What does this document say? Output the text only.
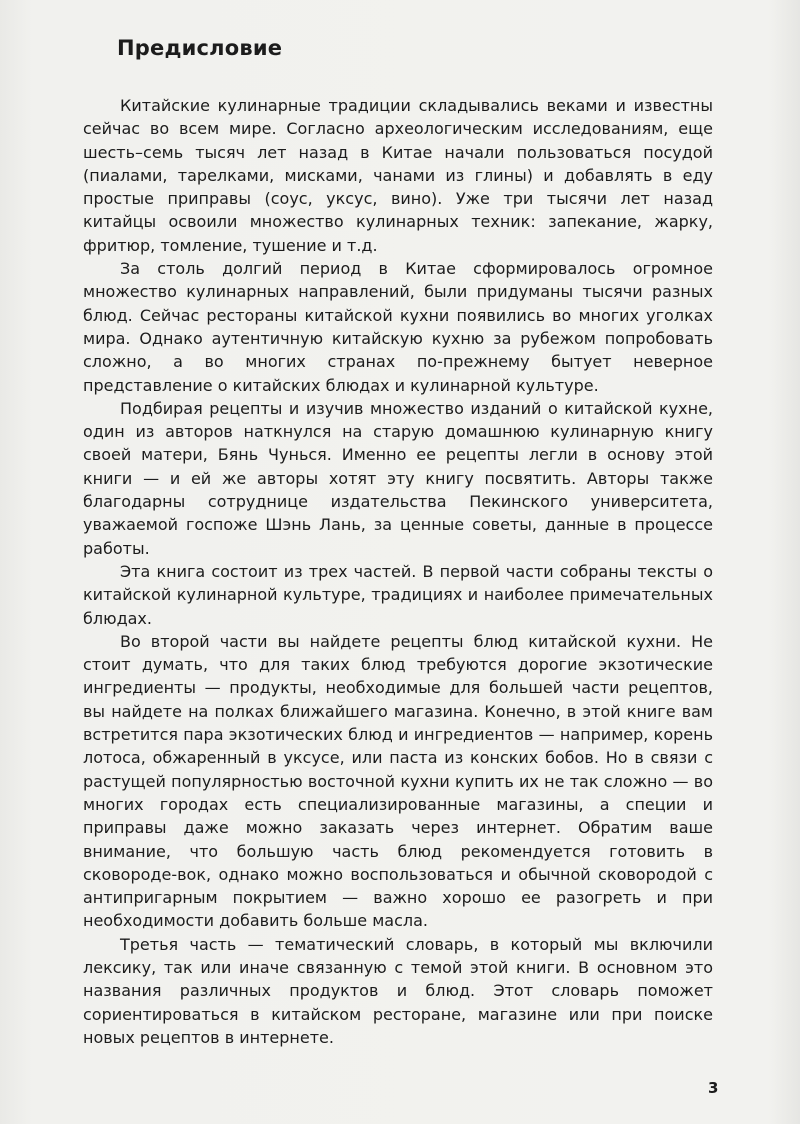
Предисловие

Китайские кулинарные традиции складывались веками и известны сейчас во всем мире. Согласно археологическим исследованиям, еще шесть–семь тысяч лет назад в Китае начали пользоваться посудой (пиалами, тарелками, мисками, чанами из глины) и добавлять в еду простые приправы (соус, уксус, вино). Уже три тысячи лет назад китайцы освоили множество кулинарных техник: запекание, жарку, фритюр, томление, тушение и т.д.

За столь долгий период в Китае сформировалось огромное множество кулинарных направлений, были придуманы тысячи разных блюд. Сейчас рестораны китайской кухни появились во многих уголках мира. Однако аутентичную китайскую кухню за рубежом попробовать сложно, а во многих странах по-прежнему бытует неверное представление о китайских блюдах и кулинарной культуре.

Подбирая рецепты и изучив множество изданий о китайской кухне, один из авторов наткнулся на старую домашнюю кулинарную книгу своей матери, Бянь Чунься. Именно ее рецепты легли в основу этой книги — и ей же авторы хотят эту книгу посвятить. Авторы также благодарны сотруднице издательства Пекинского университета, уважаемой госпоже Шэнь Лань, за ценные советы, данные в процессе работы.

Эта книга состоит из трех частей. В первой части собраны тексты о китайской кулинарной культуре, традициях и наиболее примечательных блюдах.

Во второй части вы найдете рецепты блюд китайской кухни. Не стоит думать, что для таких блюд требуются дорогие экзотические ингредиенты — продукты, необходимые для большей части рецептов, вы найдете на полках ближайшего магазина. Конечно, в этой книге вам встретится пара экзотических блюд и ингредиентов — например, корень лотоса, обжаренный в уксусе, или паста из конских бобов. Но в связи с растущей популярностью восточной кухни купить их не так сложно — во многих городах есть специализированные магазины, а специи и приправы даже можно заказать через интернет. Обратим ваше внимание, что большую часть блюд рекомендуется готовить в сковороде-вок, однако можно воспользоваться и обычной сковородой с антипригарным покрытием — важно хорошо ее разогреть и при необходимости добавить больше масла.

Третья часть — тематический словарь, в который мы включили лексику, так или иначе связанную с темой этой книги. В основном это названия различных продуктов и блюд. Этот словарь поможет сориентироваться в китайском ресторане, магазине или при поиске новых рецептов в интернете.

3
